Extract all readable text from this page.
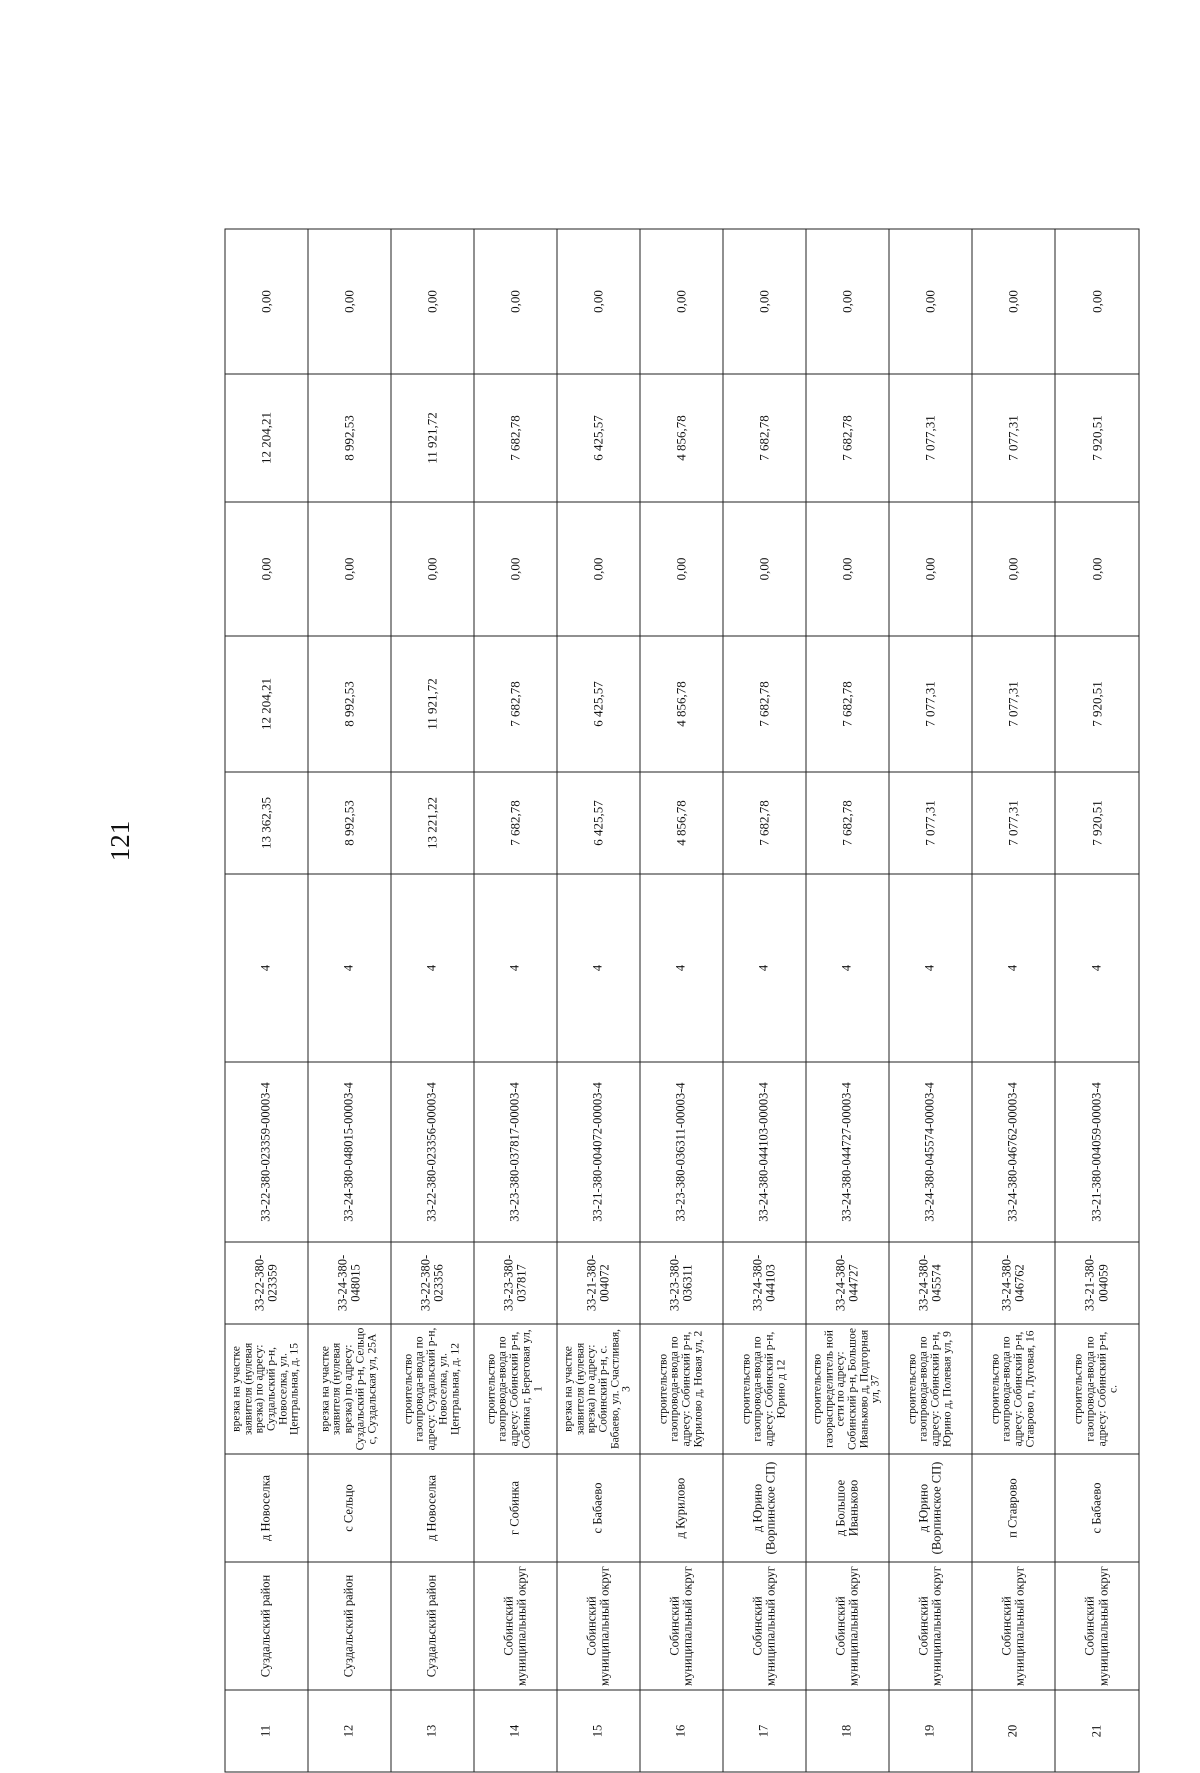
121
11	Суздальский район	д Новоселка	врезка на участке заявителя (нулевая врезка) по адресу: Суздальский р-н, Новоселка, ул. Центральная, д. 15	33-22-380-023359	33-22-380-023359-00003-4	4	13 362,35	12 204,21	0,00	12 204,21	0,00	
12	Суздальский район	с Сельцо	врезка на участке заявителя (нулевая врезка) по адресу: Суздальский р-н, Сельцо с, Суздальская ул, 25А	33-24-380-048015	33-24-380-048015-00003-4	4	8 992,53	8 992,53	0,00	8 992,53	0,00	
13	Суздальский район	д Новоселка	строительство газопровода-ввода по адресу: Суздальский р-н, Новоселка, ул. Центральная, д. 12	33-22-380-023356	33-22-380-023356-00003-4	4	13 221,22	11 921,72	0,00	11 921,72	0,00	
14	Собинский муниципальный округ	г Собинка	строительство газопровода-ввода по адресу: Собинский р-н, Собинка г, Береговая ул, 1	33-23-380-037817	33-23-380-037817-00003-4	4	7 682,78	7 682,78	0,00	7 682,78	0,00	
15	Собинский муниципальный округ	с Бабаево	врезка на участке заявителя (нулевая врезка) по адресу: Собинский р-н, с. Бабаево, ул. Счастливая, 3	33-21-380-004072	33-21-380-004072-00003-4	4	6 425,57	6 425,57	0,00	6 425,57	0,00	
16	Собинский муниципальный округ	д Курилово	строительство газопровода-ввода по адресу: Собинский р-н, Курилово д, Новая ул, 2	33-23-380-036311	33-23-380-036311-00003-4	4	4 856,78	4 856,78	0,00	4 856,78	0,00	
17	Собинский муниципальный округ	д Юрино (Ворпинское СП)	строительство газопровода-ввода по адресу: Собинский р-н, Юрино д 12	33-24-380-044103	33-24-380-044103-00003-4	4	7 682,78	7 682,78	0,00	7 682,78	0,00	
18	Собинский муниципальный округ	д Большое Иваньково	строительство газораспределитель ной сети по адресу: Собинский р-н, Большое Иваньково д, Подгорная ул, 37	33-24-380-044727	33-24-380-044727-00003-4	4	7 682,78	7 682,78	0,00	7 682,78	0,00	
19	Собинский муниципальный округ	д Юрино (Ворпинское СП)	строительство газопровода-ввода по адресу: Собинский р-н, Юрино д, Полевая ул, 9	33-24-380-045574	33-24-380-045574-00003-4	4	7 077,31	7 077,31	0,00	7 077,31	0,00	
20	Собинский муниципальный округ	п Ставрово	строительство газопровода-ввода по адресу: Собинский р-н, Ставрово п, Луговая, 16	33-24-380-046762	33-24-380-046762-00003-4	4	7 077,31	7 077,31	0,00	7 077,31	0,00	
21	Собинский муниципальный округ	с Бабаево	строительство газопровода-ввода по адресу: Собинский р-н, с.	33-21-380-004059	33-21-380-004059-00003-4	4	7 920,51	7 920,51	0,00	7 920,51	0,00	
